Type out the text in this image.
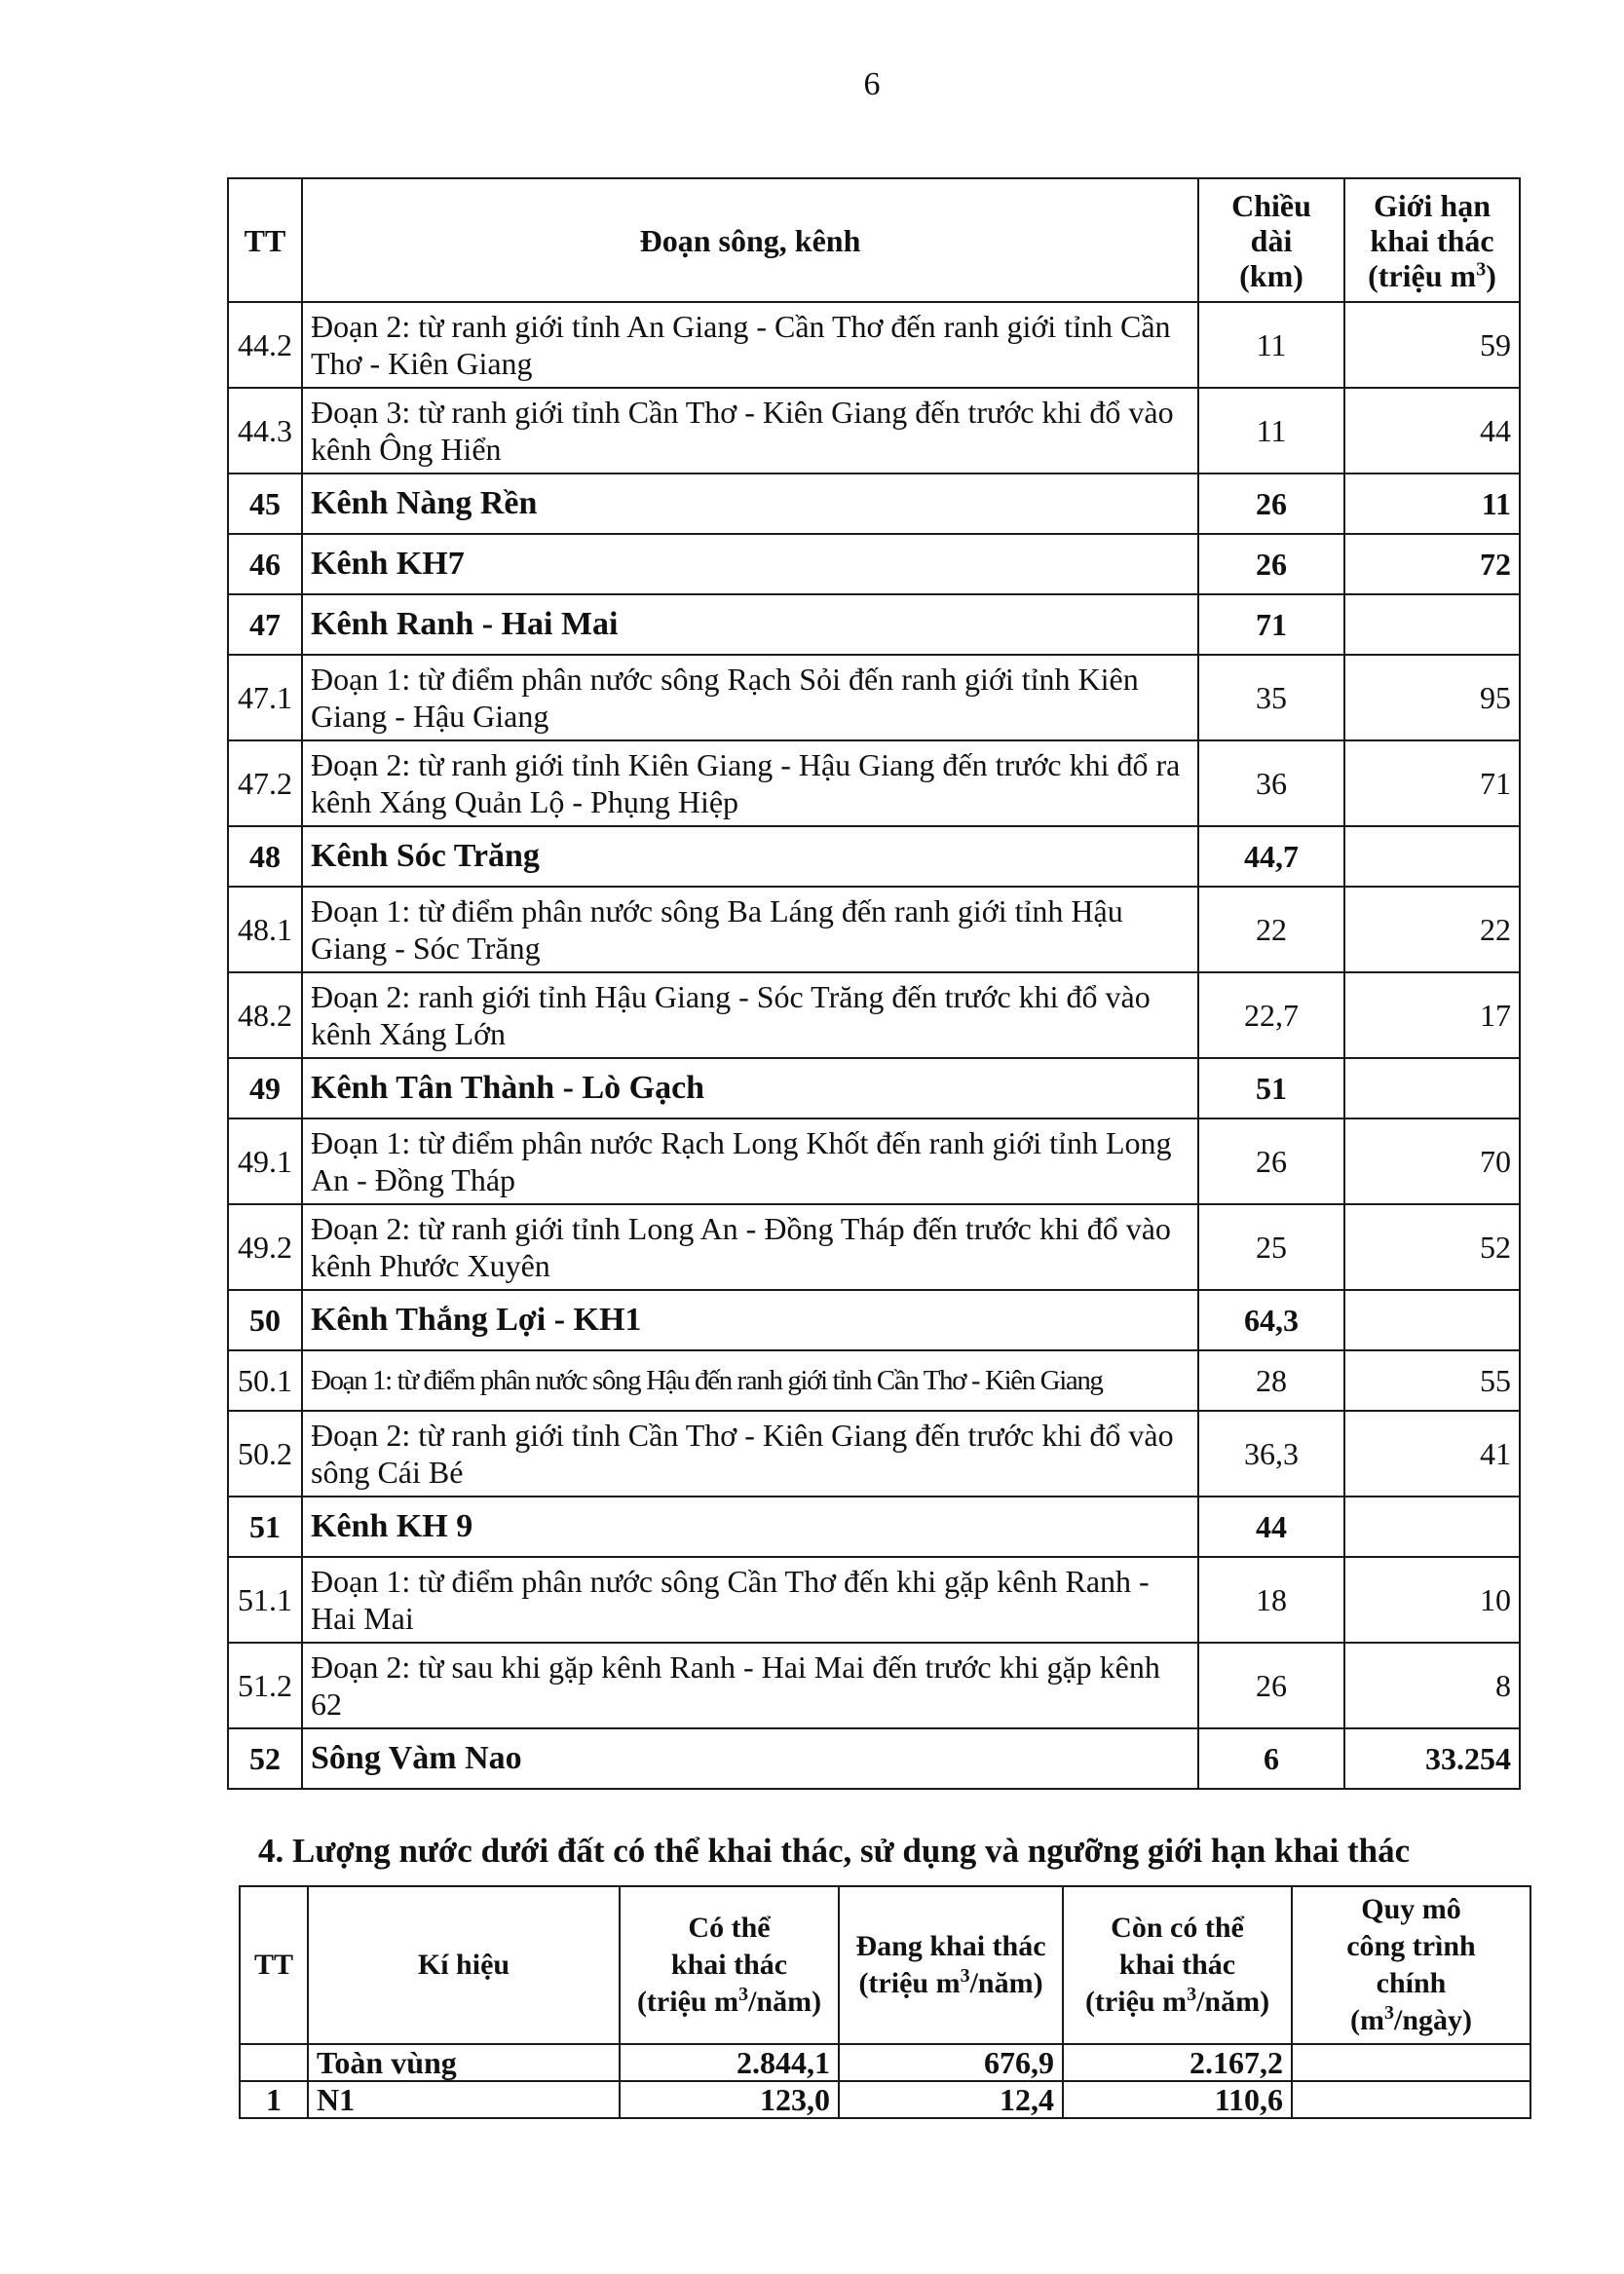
6
TT	Đoạn sông, kênh	Chiều
dài
(km)	Giới hạn
khai thác
(triệu $m^3$)
44.2	Đoạn 2: từ ranh giới tỉnh An Giang - Cần Thơ đến ranh giới tỉnh Cần Thơ - Kiên Giang	11	59
44.3	Đoạn 3: từ ranh giới tỉnh Cần Thơ - Kiên Giang đến trước khi đổ vào kênh Ông Hiển	11	44
45	Kênh Nàng Rền	26	11
46	Kênh KH7	26	72
47	Kênh Ranh - Hai Mai	71	
47.1	Đoạn 1: từ điểm phân nước sông Rạch Sỏi đến ranh giới tỉnh Kiên Giang - Hậu Giang	35	95
47.2	Đoạn 2: từ ranh giới tỉnh Kiên Giang - Hậu Giang đến trước khi đổ ra kênh Xáng Quản Lộ - Phụng Hiệp	36	71
48	Kênh Sóc Trăng	44,7	
48.1	Đoạn 1: từ điểm phân nước sông Ba Láng đến ranh giới tỉnh Hậu Giang - Sóc Trăng	22	22
48.2	Đoạn 2: ranh giới tỉnh Hậu Giang - Sóc Trăng đến trước khi đổ vào kênh Xáng Lớn	22,7	17
49	Kênh Tân Thành - Lò Gạch	51	
49.1	Đoạn 1: từ điểm phân nước Rạch Long Khốt đến ranh giới tỉnh Long An - Đồng Tháp	26	70
49.2	Đoạn 2: từ ranh giới tỉnh Long An - Đồng Tháp đến trước khi đổ vào kênh Phước Xuyên	25	52
50	Kênh Thắng Lợi - KH1	64,3	
50.1	Đoạn 1: từ điểm phân nước sông Hậu đến ranh giới tỉnh Cần Thơ - Kiên Giang	28	55
50.2	Đoạn 2: từ ranh giới tỉnh Cần Thơ - Kiên Giang đến trước khi đổ vào sông Cái Bé	36,3	41
51	Kênh KH 9	44	
51.1	Đoạn 1: từ điểm phân nước sông Cần Thơ đến khi gặp kênh Ranh - Hai Mai	18	10
51.2	Đoạn 2: từ sau khi gặp kênh Ranh - Hai Mai đến trước khi gặp kênh 62	26	8
52	Sông Vàm Nao	6	33.254
4. Lượng nước dưới đất có thể khai thác, sử dụng và ngưỡng giới hạn khai thác
TT	Kí hiệu	Có thể
khai thác
(triệu $m^3/năm$)	Đang khai thác
(triệu $m^3/năm$)	Còn có thể
khai thác
(triệu $m^3/năm$)	Quy mô
công trình
chính
$(m^3/ngày)$
	Toàn vùng	2.844,1	676,9	2.167,2	
1	N1	123,0	12,4	110,6	
